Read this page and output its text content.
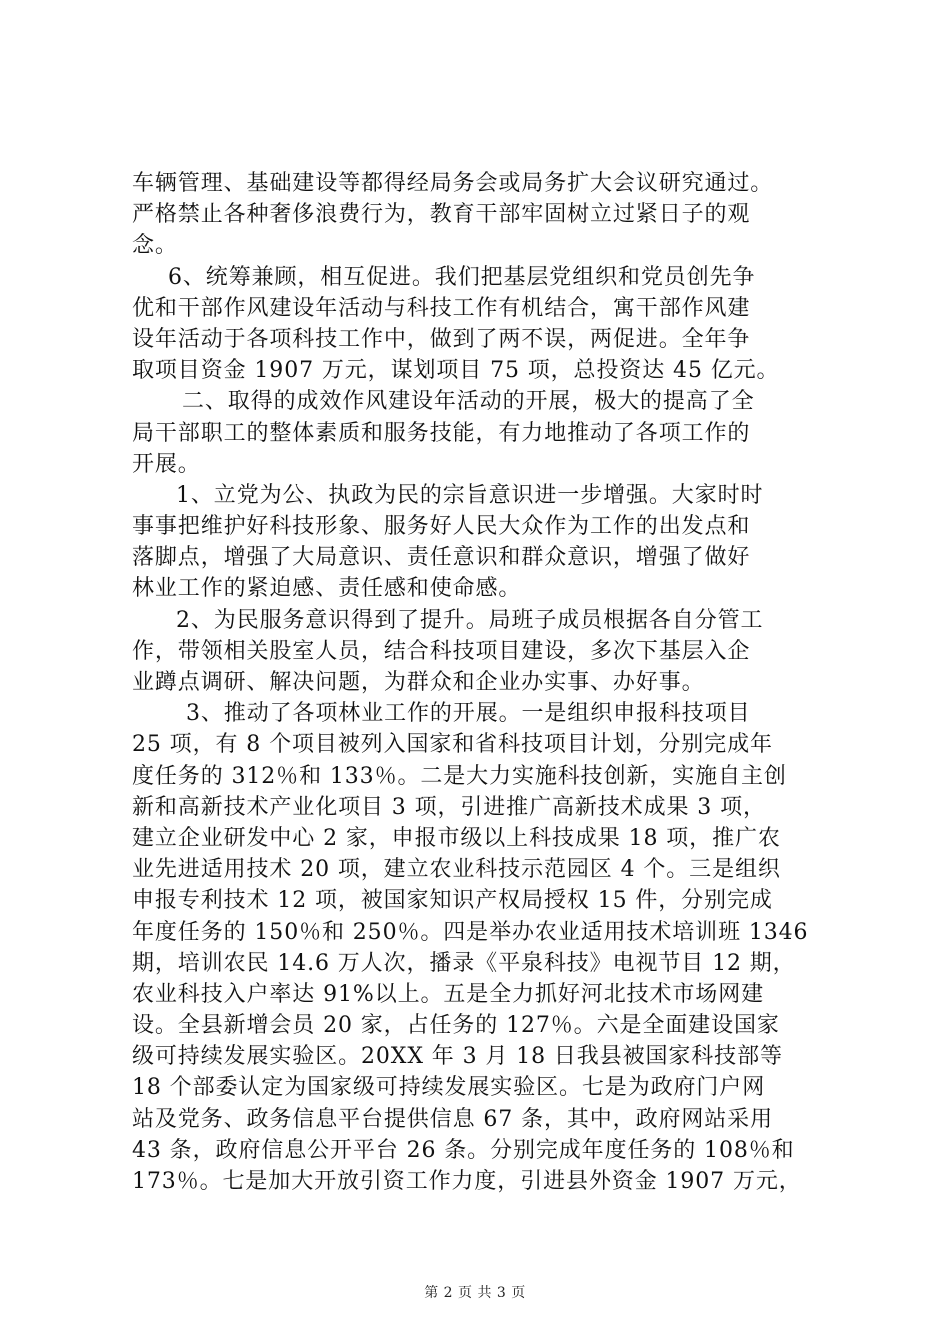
车辆管理、基础建设等都得经局务会或局务扩大会议研究通过。
严格禁止各种奢侈浪费行为，教育干部牢固树立过紧日子的观
念。
6、统筹兼顾，相互促进。我们把基层党组织和党员创先争
优和干部作风建设年活动与科技工作有机结合，寓干部作风建
设年活动于各项科技工作中，做到了两不误，两促进。全年争
取项目资金 1907 万元，谋划项目 75 项，总投资达 45 亿元。
二、取得的成效作风建设年活动的开展，极大的提高了全
局干部职工的整体素质和服务技能，有力地推动了各项工作的
开展。
1、立党为公、执政为民的宗旨意识进一步增强。大家时时
事事把维护好科技形象、服务好人民大众作为工作的出发点和
落脚点，增强了大局意识、责任意识和群众意识，增强了做好
林业工作的紧迫感、责任感和使命感。
2、为民服务意识得到了提升。局班子成员根据各自分管工
作，带领相关股室人员，结合科技项目建设，多次下基层入企
业蹲点调研、解决问题，为群众和企业办实事、办好事。
3、推动了各项林业工作的开展。一是组织申报科技项目
25 项，有 8 个项目被列入国家和省科技项目计划，分别完成年
度任务的 312％和 133％。二是大力实施科技创新，实施自主创
新和高新技术产业化项目 3 项，引进推广高新技术成果 3 项，
建立企业研发中心 2 家，申报市级以上科技成果 18 项，推广农
业先进适用技术 20 项，建立农业科技示范园区 4 个。三是组织
申报专利技术 12 项，被国家知识产权局授权 15 件，分别完成
年度任务的 150％和 250％。四是举办农业适用技术培训班 1346
期，培训农民 14.6 万人次，播录《平泉科技》电视节目 12 期，
农业科技入户率达 91%以上。五是全力抓好河北技术市场网建
设。全县新增会员 20 家，占任务的 127％。六是全面建设国家
级可持续发展实验区。20XX 年 3 月 18 日我县被国家科技部等
18 个部委认定为国家级可持续发展实验区。七是为政府门户网
站及党务、政务信息平台提供信息 67 条，其中，政府网站采用
43 条，政府信息公开平台 26 条。分别完成年度任务的 108％和
173％。七是加大开放引资工作力度，引进县外资金 1907 万元，
第 2 页 共 3 页
